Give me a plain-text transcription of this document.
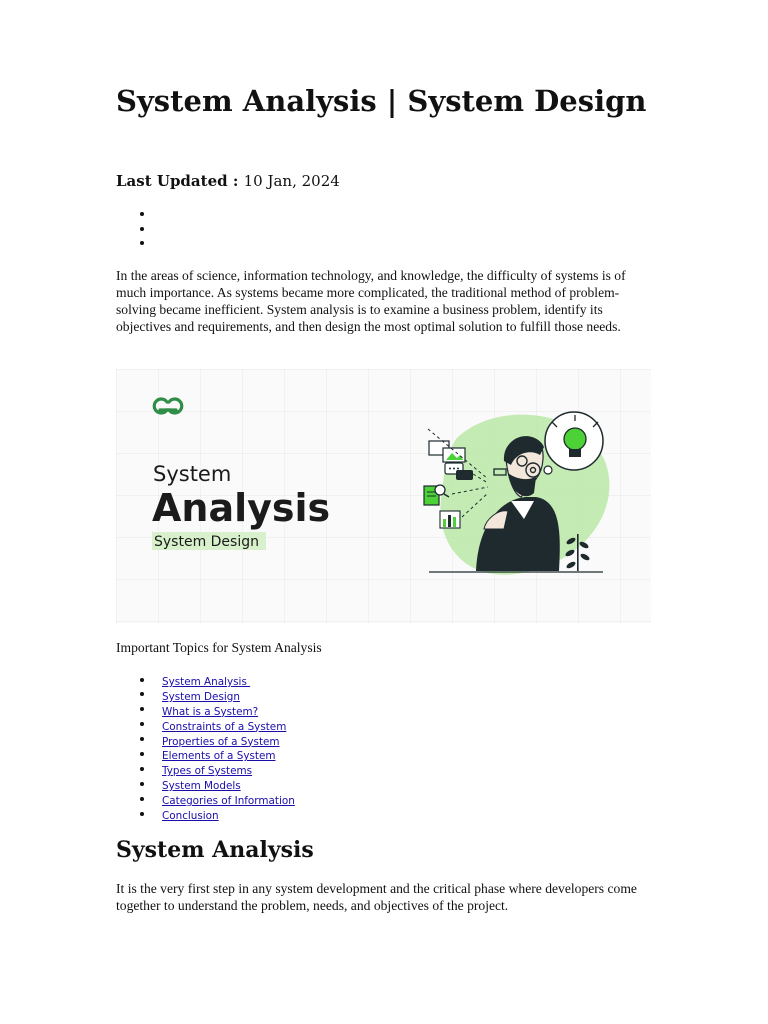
System Analysis | System Design

Last Updated : 10 Jan, 2024

In the areas of science, information technology, and knowledge, the difficulty of systems is of much importance. As systems became more complicated, the traditional method of problem-solving became inefficient. System analysis is to examine a business problem, identify its objectives and requirements, and then design the most optimal solution to fulfill those needs.

System
Analysis
System Design

Important Topics for System Analysis

System Analysis
System Design
What is a System?
Constraints of a System
Properties of a System
Elements of a System
Types of Systems
System Models
Categories of Information
Conclusion
System Analysis

It is the very first step in any system development and the critical phase where developers come together to understand the problem, needs, and objectives of the project.
